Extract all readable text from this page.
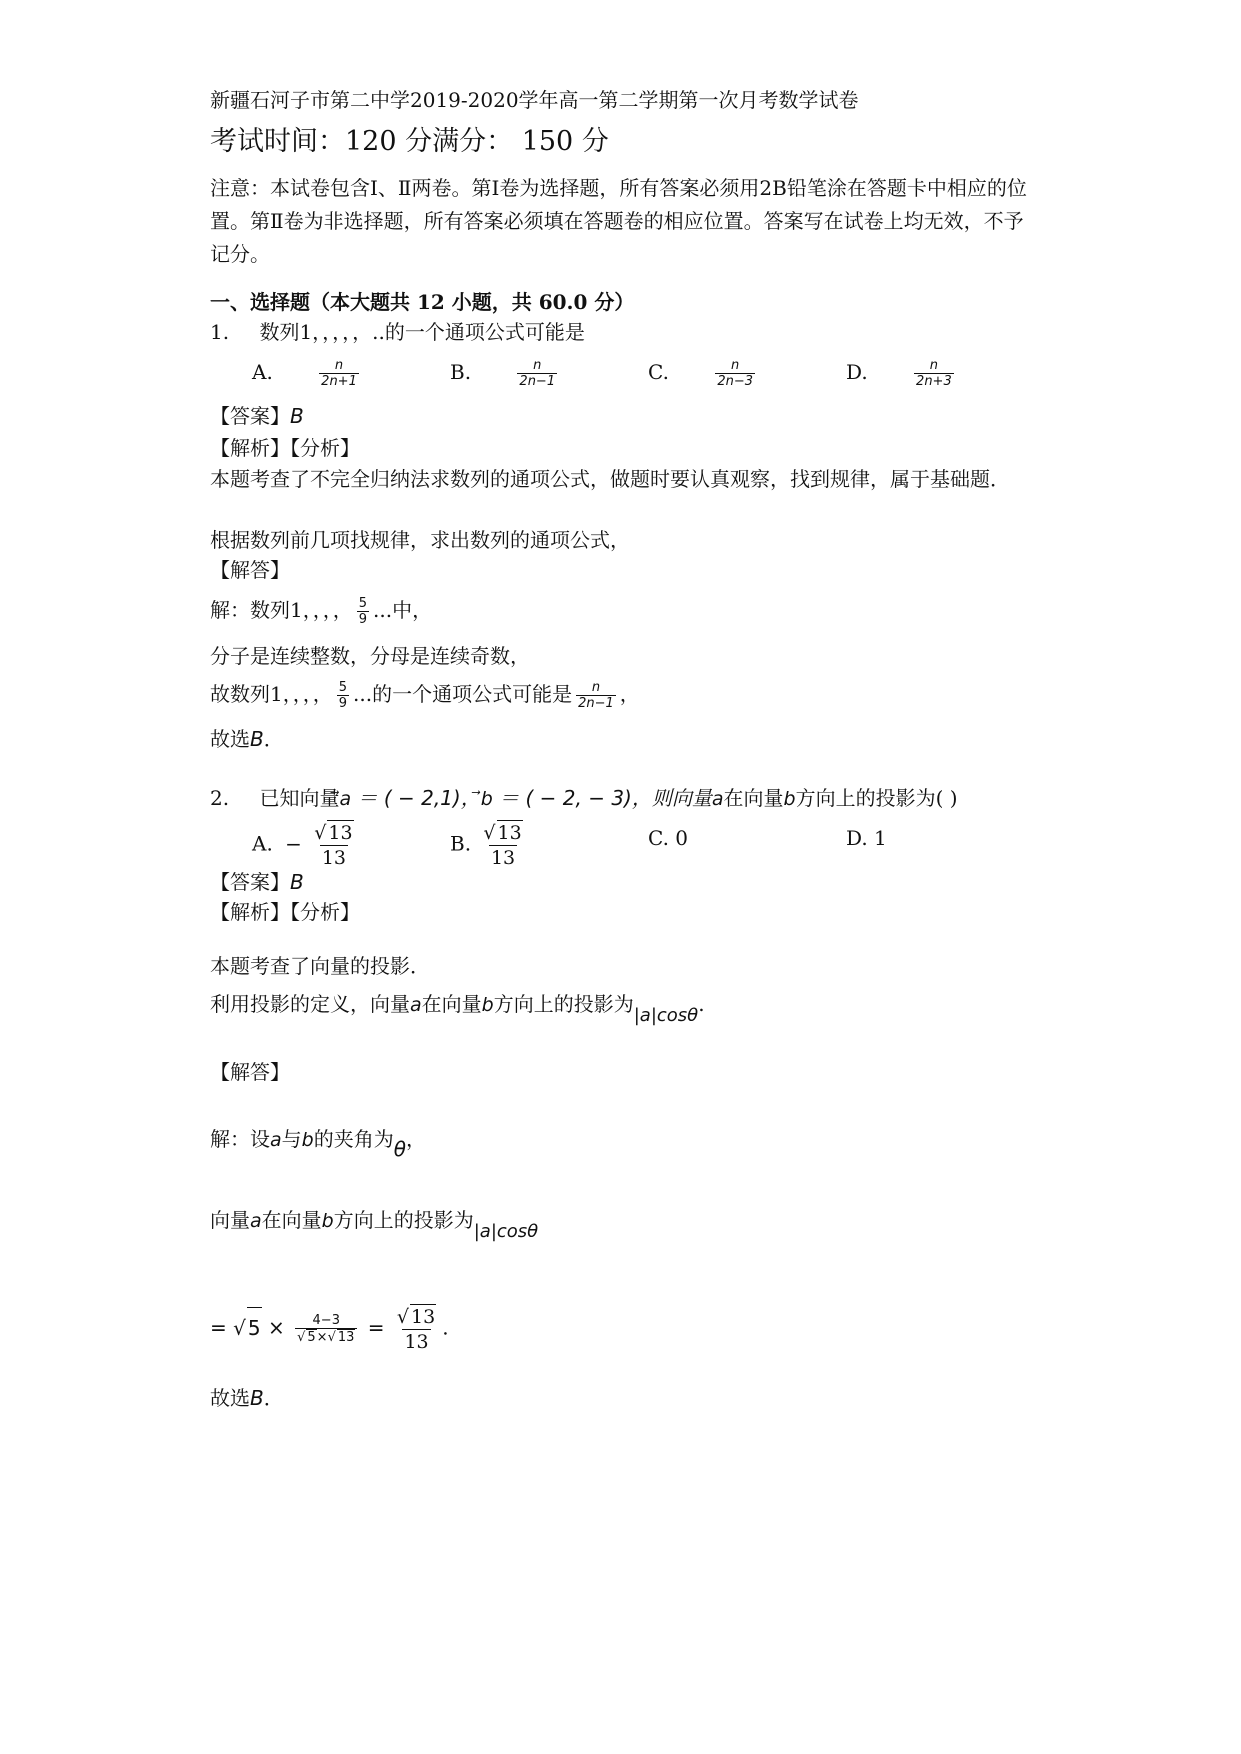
新疆石河子市第二中学2019-2020学年高一第二学期第一次月考数学试卷
考试时间：120 分满分： 150 分
注意：本试卷包含Ⅰ、Ⅱ两卷。第Ⅰ卷为选择题，所有答案必须用2B铅笔涂在答题卡中相应的位置。第Ⅱ卷为非选择题，所有答案必须填在答题卷的相应位置。答案写在试卷上均无效，不予记分。
一、选择题（本大题共 12 小题，共 60.0 分）
1. 数列1，，，，，..的一个通项公式可能是
A.	$\frac{n}{2n+1}$	B.	$\frac{n}{2n-1}$	C.	$\frac{n}{2n-3}$	D.	$\frac{n}{2n+3}$
【答案】B
【解析】【分析】
本题考查了不完全归纳法求数列的通项公式，做题时要认真观察，找到规律，属于基础题．
根据数列前几项找规律，求出数列的通项公式，
【解答】
解：数列1，，，， $\frac{5}{9}$ ...中，
分子是连续整数，分母是连续奇数，
故数列1，，，， $\frac{5}{9}$ ...的一个通项公式可能是 $\frac{n}{2n-1}$ ，
故选B．
2. 已知向量a ＝ ( − 2,1)，b ＝ ( − 2, − 3)，则向量a在向量b方向上的投影为( )
A. − $\frac{√ 13}{13}$	B. $\frac{√ 13}{13}$	C. 0	D. 1
【答案】B
【解析】【分析】
本题考查了向量的投影．
利用投影的定义，向量a在向量b方向上的投影为|a|cosθ.
【解答】
解：设a与b的夹角为θ，
向量a在向量b方向上的投影为|a|cosθ
= √ $5 \times \frac{4-3}{√ 5\times√ 13} = \frac{√ 13}{13}$ .
故选B．
